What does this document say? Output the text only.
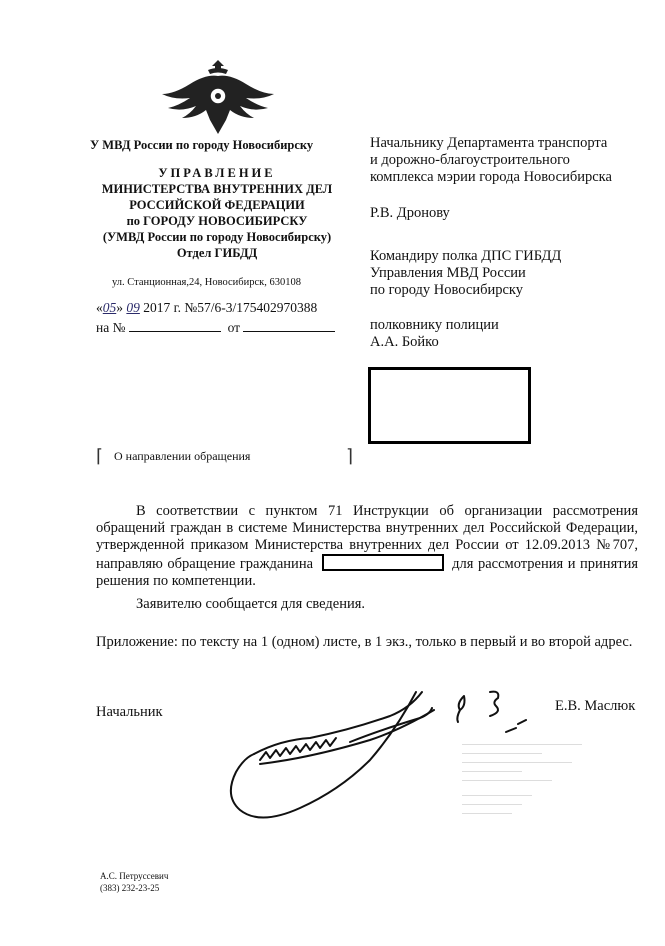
У МВД России по городу Новосибирску
УПРАВЛЕНИЕ
МИНИСТЕРСТВА ВНУТРЕННИХ ДЕЛ
РОССИЙСКОЙ ФЕДЕРАЦИИ
по ГОРОДУ НОВОСИБИРСКУ
(УМВД России по городу Новосибирску)
Отдел ГИБДД
ул. Станционная,24, Новосибирск, 630108
«05» 09 2017 г. №57/6-3/175402970388
на №	от
Начальнику Департамента транспорта
и дорожно-благоустроительного
комплекса мэрии города Новосибирска
Р.В. Дронову
Командиру полка ДПС ГИБДД
Управления МВД России
по городу Новосибирску
полковнику полиции
А.А. Бойко
⌈ О направлении обращения	⌉
В соответствии с пунктом 71 Инструкции об организации рассмотрения обращений граждан в системе Министерства внутренних дел Российской Федерации, утвержденной приказом Министерства внутренних дел России от 12.09.2013 №707, направляю обращение гражданина	для рассмотрения и принятия решения по компетенции.
Заявителю сообщается для сведения.
Приложение: по тексту на 1 (одном) листе, в 1 экз., только в первый и во второй адрес.
Начальник	Е.В. Маслюк
А.С. Петруссевич
(383) 232-23-25
